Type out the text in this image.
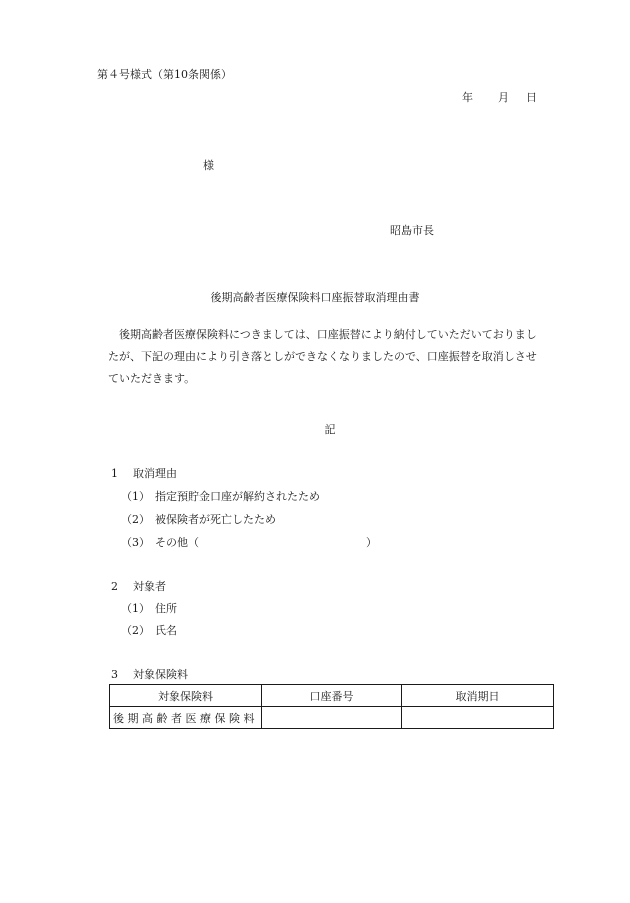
第４号様式（第10条関係）
年 月 日
様
昭島市長
後期高齢者医療保険料口座振替取消理由書

後期高齢者医療保険料につきましては、口座振替により納付していただいておりまし

たが、下記の理由により引き落としができなくなりましたので、口座振替を取消しさせ

ていただきます。

記
1 取消理由
（1） 指定預貯金口座が解約されたため
（2） 被保険者が死亡したため
（3） その他（	）
2 対象者
（1） 住所
（2） 氏名
3 対象保険料
対象保険料	口座番号	取消期日
後期高齢者医療保険料		
